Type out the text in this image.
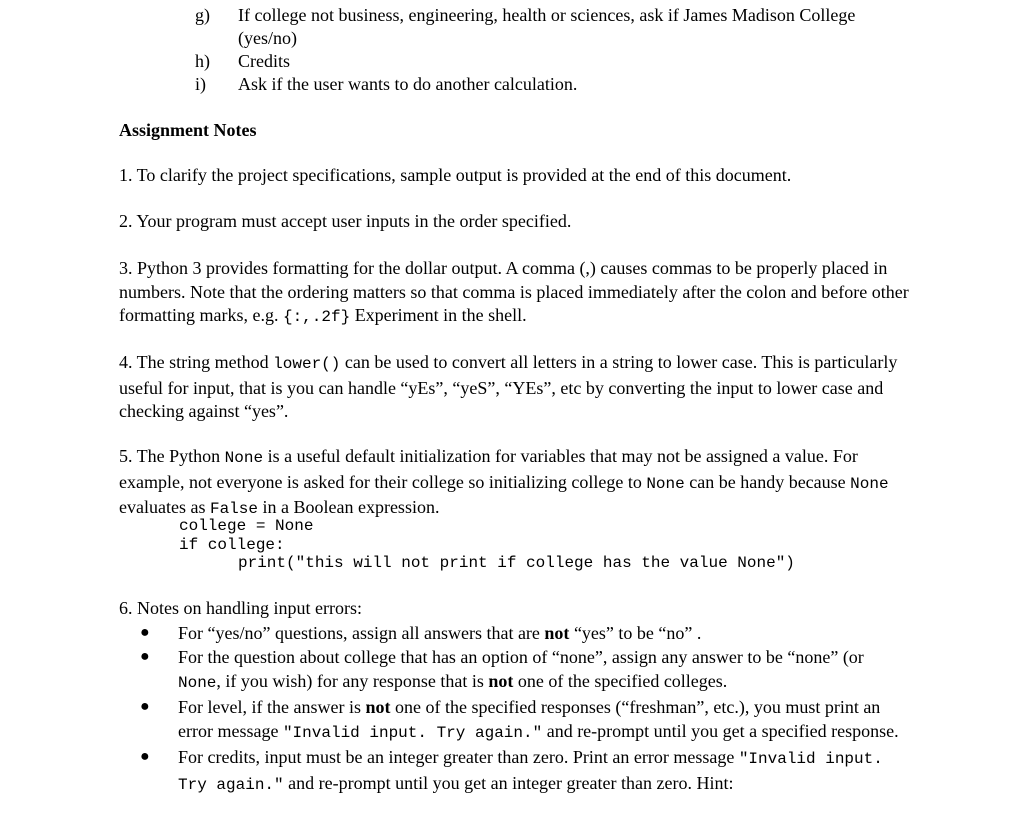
g)	If college not business, engineering, health or sciences, ask if James Madison College (yes/no)
h)	Credits
i)	Ask if the user wants to do another calculation.
Assignment Notes
1. To clarify the project specifications, sample output is provided at the end of this document.
2. Your program must accept user inputs in the order specified.
3. Python 3 provides formatting for the dollar output. A comma (,) causes commas to be properly placed in numbers. Note that the ordering matters so that comma is placed immediately after the colon and before other formatting marks, e.g. {:,.2f} Experiment in the shell.
4. The string method lower() can be used to convert all letters in a string to lower case. This is particularly useful for input, that is you can handle “yEs”, “yeS”, “YEs”, etc by converting the input to lower case and checking against “yes”.
5. The Python None is a useful default initialization for variables that may not be assigned a value. For example, not everyone is asked for their college so initializing college to None can be handy because None evaluates as False in a Boolean expression.
college = None
if college:
print("this will not print if college has the value None")
6. Notes on handling input errors:
●	For “yes/no” questions, assign all answers that are not “yes” to be “no” .
●	For the question about college that has an option of “none”, assign any answer to be “none” (or None, if you wish) for any response that is not one of the specified colleges.
●	For level, if the answer is not one of the specified responses (“freshman”, etc.), you must print an error message "Invalid input. Try again." and re-prompt until you get a specified response.
●	For credits, input must be an integer greater than zero. Print an error message "Invalid input. Try again." and re-prompt until you get an integer greater than zero. Hint:
